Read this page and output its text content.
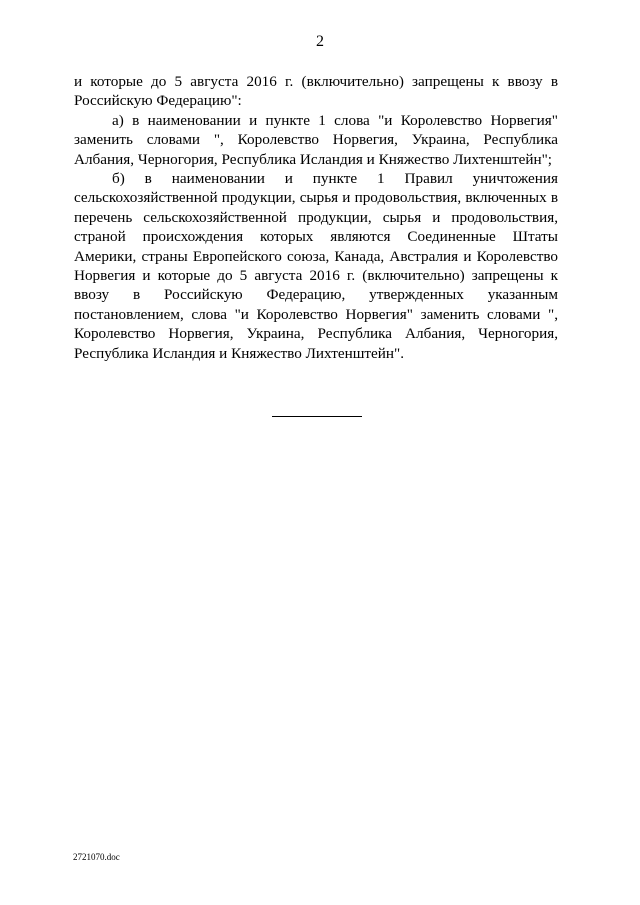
2

и которые до 5 августа 2016 г. (включительно) запрещены к ввозу в Российскую Федерацию":

а) в наименовании и пункте 1 слова "и Королевство Норвегия" заменить словами ", Королевство Норвегия, Украина, Республика Албания, Черногория, Республика Исландия и Княжество Лихтенштейн";

б) в наименовании и пункте 1 Правил уничтожения сельскохозяйственной продукции, сырья и продовольствия, включенных в перечень сельскохозяйственной продукции, сырья и продовольствия, страной происхождения которых являются Соединенные Штаты Америки, страны Европейского союза, Канада, Австралия и Королевство Норвегия и которые до 5 августа 2016 г. (включительно) запрещены к ввозу в Российскую Федерацию, утвержденных указанным постановлением, слова "и Королевство Норвегия" заменить словами ", Королевство Норвегия, Украина, Республика Албания, Черногория, Республика Исландия и Княжество Лихтенштейн".

2721070.doc
